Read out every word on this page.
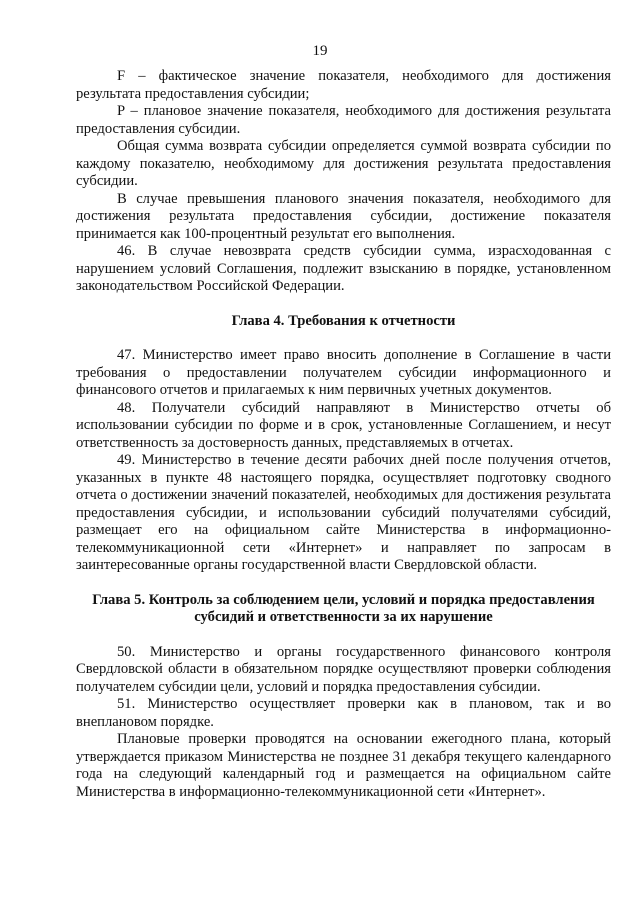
19

F – фактическое значение показателя, необходимого для достижения результата предоставления субсидии;

P – плановое значение показателя, необходимого для достижения результата предоставления субсидии.

Общая сумма возврата субсидии определяется суммой возврата субсидии по каждому показателю, необходимому для достижения результата предоставления субсидии.

В случае превышения планового значения показателя, необходимого для достижения результата предоставления субсидии, достижение показателя принимается как 100-процентный результат его выполнения.

46. В случае невозврата средств субсидии сумма, израсходованная с нарушением условий Соглашения, подлежит взысканию в порядке, установленном законодательством Российской Федерации.

Глава 4. Требования к отчетности

47. Министерство имеет право вносить дополнение в Соглашение в части требования о предоставлении получателем субсидии информационного и финансового отчетов и прилагаемых к ним первичных учетных документов.

48. Получатели субсидий направляют в Министерство отчеты об использовании субсидии по форме и в срок, установленные Соглашением, и несут ответственность за достоверность данных, представляемых в отчетах.

49. Министерство в течение десяти рабочих дней после получения отчетов, указанных в пункте 48 настоящего порядка, осуществляет подготовку сводного отчета о достижении значений показателей, необходимых для достижения результата предоставления субсидии, и использовании субсидий получателями субсидий, размещает его на официальном сайте Министерства в информационно-телекоммуникационной сети «Интернет» и направляет по запросам в заинтересованные органы государственной власти Свердловской области.

Глава 5. Контроль за соблюдением цели, условий и порядка предоставления субсидий и ответственности за их нарушение

50. Министерство и органы государственного финансового контроля Свердловской области в обязательном порядке осуществляют проверки соблюдения получателем субсидии цели, условий и порядка предоставления субсидии.

51. Министерство осуществляет проверки как в плановом, так и во внеплановом порядке.

Плановые проверки проводятся на основании ежегодного плана, который утверждается приказом Министерства не позднее 31 декабря текущего календарного года на следующий календарный год и размещается на официальном сайте Министерства в информационно-телекоммуникационной сети «Интернет».
